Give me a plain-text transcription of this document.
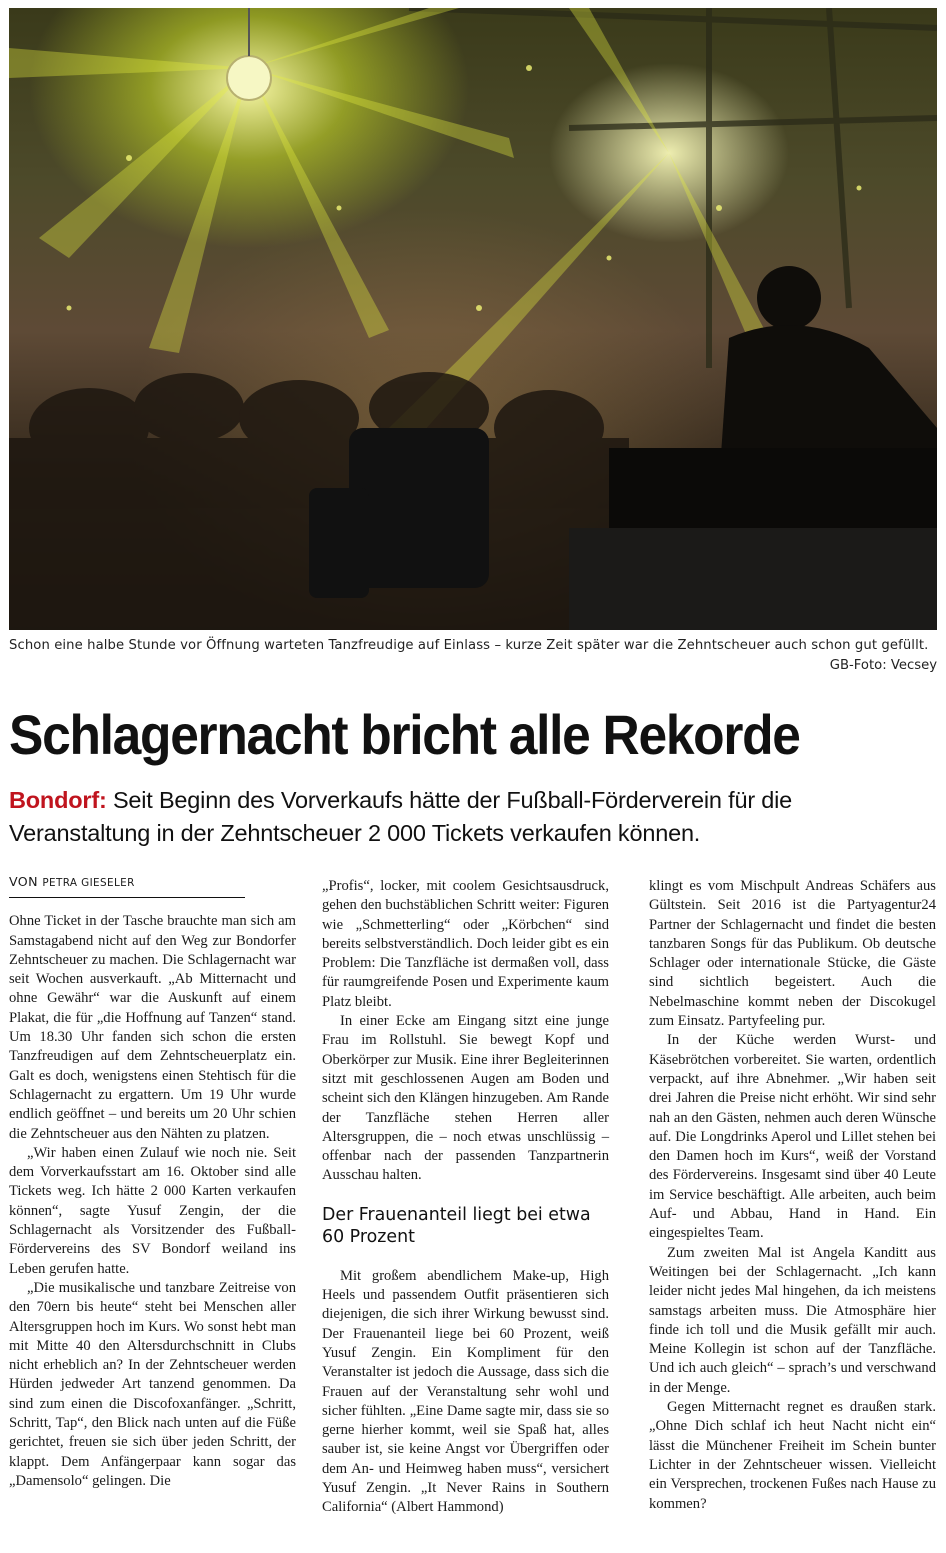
Schon eine halbe Stunde vor Öffnung warteten Tanzfreudige auf Einlass – kurze Zeit später war die Zehntscheuer auch schon gut gefüllt.
GB-Foto: Vecsey
Schlagernacht bricht alle Rekorde

Bondorf: Seit Beginn des Vorverkaufs hätte der Fußball-Förderverein für die Veranstaltung in der Zehntscheuer 2 000 Tickets verkaufen können.

VON PETRA GIESELER

Ohne Ticket in der Tasche brauchte man sich am Samstagabend nicht auf den Weg zur Bondorfer Zehntscheuer zu machen. Die Schlagernacht war seit Wochen ausverkauft. „Ab Mitternacht und ohne Gewähr“ war die Auskunft auf einem Plakat, die für „die Hoffnung auf Tanzen“ stand. Um 18.30 Uhr fanden sich schon die ersten Tanzfreudigen auf dem Zehntscheuerplatz ein. Galt es doch, wenigstens einen Stehtisch für die Schlagernacht zu ergattern. Um 19 Uhr wurde endlich geöffnet – und bereits um 20 Uhr schien die Zehntscheuer aus den Nähten zu platzen.

„Wir haben einen Zulauf wie noch nie. Seit dem Vorverkaufsstart am 16. Oktober sind alle Tickets weg. Ich hätte 2 000 Karten verkaufen können“, sagte Yusuf Zengin, der die Schlagernacht als Vorsitzender des Fußball-Fördervereins des SV Bondorf weiland ins Leben gerufen hatte.

„Die musikalische und tanzbare Zeitreise von den 70ern bis heute“ steht bei Menschen aller Altersgruppen hoch im Kurs. Wo sonst hebt man mit Mitte 40 den Altersdurchschnitt in Clubs nicht erheblich an? In der Zehntscheuer werden Hürden jedweder Art tanzend genommen. Da sind zum einen die Discofoxanfänger. „Schritt, Schritt, Tap“, den Blick nach unten auf die Füße gerichtet, freuen sie sich über jeden Schritt, der klappt. Dem Anfängerpaar kann sogar das „Damensolo“ gelingen. Die

„Profis“, locker, mit coolem Gesichtsausdruck, gehen den buchstäblichen Schritt weiter: Figuren wie „Schmetterling“ oder „Körbchen“ sind bereits selbstverständlich. Doch leider gibt es ein Problem: Die Tanzfläche ist dermaßen voll, dass für raumgreifende Posen und Experimente kaum Platz bleibt.

In einer Ecke am Eingang sitzt eine junge Frau im Rollstuhl. Sie bewegt Kopf und Oberkörper zur Musik. Eine ihrer Begleiterinnen sitzt mit geschlossenen Augen am Boden und scheint sich den Klängen hinzugeben. Am Rande der Tanzfläche stehen Herren aller Altersgruppen, die – noch etwas unschlüssig – offenbar nach der passenden Tanzpartnerin Ausschau halten.

Der Frauenanteil liegt bei etwa 60 Prozent

Mit großem abendlichem Make-up, High Heels und passendem Outfit präsentieren sich diejenigen, die sich ihrer Wirkung bewusst sind. Der Frauenanteil liege bei 60 Prozent, weiß Yusuf Zengin. Ein Kompliment für den Veranstalter ist jedoch die Aussage, dass sich die Frauen auf der Veranstaltung sehr wohl und sicher fühlten. „Eine Dame sagte mir, dass sie so gerne hierher kommt, weil sie Spaß hat, alles sauber ist, sie keine Angst vor Übergriffen oder dem An- und Heimweg haben muss“, versichert Yusuf Zengin. „It Never Rains in Southern California“ (Albert Hammond)

klingt es vom Mischpult Andreas Schäfers aus Gültstein. Seit 2016 ist die Partyagentur24 Partner der Schlagernacht und findet die besten tanzbaren Songs für das Publikum. Ob deutsche Schlager oder internationale Stücke, die Gäste sind sichtlich begeistert. Auch die Nebelmaschine kommt neben der Discokugel zum Einsatz. Partyfeeling pur.

In der Küche werden Wurst- und Käsebrötchen vorbereitet. Sie warten, ordentlich verpackt, auf ihre Abnehmer. „Wir haben seit drei Jahren die Preise nicht erhöht. Wir sind sehr nah an den Gästen, nehmen auch deren Wünsche auf. Die Longdrinks Aperol und Lillet stehen bei den Damen hoch im Kurs“, weiß der Vorstand des Fördervereins. Insgesamt sind über 40 Leute im Service beschäftigt. Alle arbeiten, auch beim Auf- und Abbau, Hand in Hand. Ein eingespieltes Team.

Zum zweiten Mal ist Angela Kanditt aus Weitingen bei der Schlagernacht. „Ich kann leider nicht jedes Mal hingehen, da ich meistens samstags arbeiten muss. Die Atmosphäre hier finde ich toll und die Musik gefällt mir auch. Meine Kollegin ist schon auf der Tanzfläche. Und ich auch gleich“ – sprach’s und verschwand in der Menge.

Gegen Mitternacht regnet es draußen stark. „Ohne Dich schlaf ich heut Nacht nicht ein“ lässt die Münchener Freiheit im Schein bunter Lichter in der Zehntscheuer wissen. Vielleicht ein Versprechen, trockenen Fußes nach Hause zu kommen?
